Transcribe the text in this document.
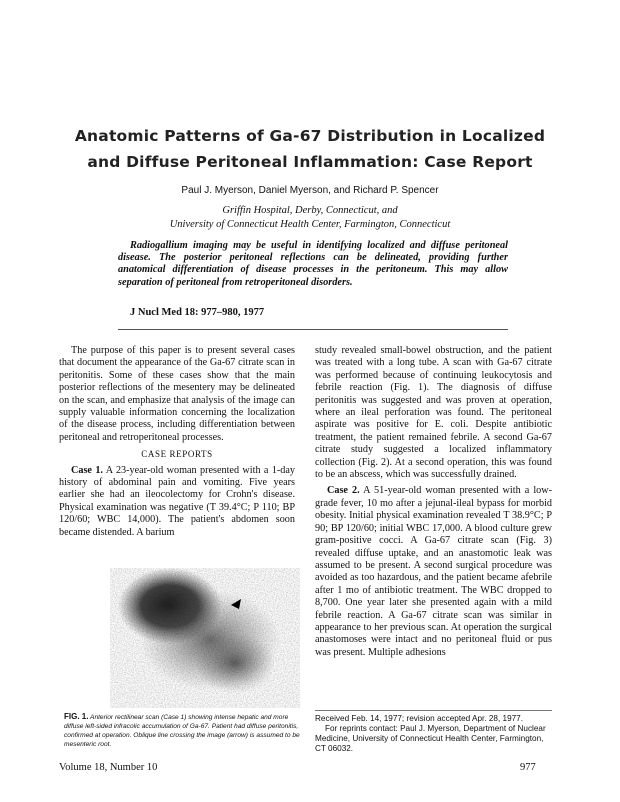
Anatomic Patterns of Ga-67 Distribution in Localized
and Diffuse Peritoneal Inflammation: Case Report
Paul J. Myerson, Daniel Myerson, and Richard P. Spencer
Griffin Hospital, Derby, Connecticut, and
University of Connecticut Health Center, Farmington, Connecticut
Radiogallium imaging may be useful in identifying localized and diffuse peritoneal disease. The posterior peritoneal reflections can be delineated, providing further anatomical differentiation of disease processes in the peritoneum. This may allow separation of peritoneal from retroperitoneal disorders.
J Nucl Med 18: 977–980, 1977

The purpose of this paper is to present several cases that document the appearance of the Ga-67 citrate scan in peritonitis. Some of these cases show that the main posterior reflections of the mesentery may be delineated on the scan, and emphasize that analysis of the image can supply valuable information concerning the localization of the disease process, including differentiation between peritoneal and retroperitoneal processes.

CASE REPORTS

Case 1. A 23-year-old woman presented with a 1-day history of abdominal pain and vomiting. Five years earlier she had an ileocolectomy for Crohn's disease. Physical examination was negative (T 39.4°C; P 110; BP 120/60; WBC 14,000). The patient's abdomen soon became distended. A barium

FIG. 1. Anterior rectilinear scan (Case 1) showing intense hepatic and more diffuse left-sided infracolic accumulation of Ga-67. Patient had diffuse peritonitis, confirmed at operation. Oblique line crossing the image (arrow) is assumed to be mesenteric root.

study revealed small-bowel obstruction, and the patient was treated with a long tube. A scan with Ga-67 citrate was performed because of continuing leukocytosis and febrile reaction (Fig. 1). The diagnosis of diffuse peritonitis was suggested and was proven at operation, where an ileal perforation was found. The peritoneal aspirate was positive for E. coli. Despite antibiotic treatment, the patient remained febrile. A second Ga-67 citrate study suggested a localized inflammatory collection (Fig. 2). At a second operation, this was found to be an abscess, which was successfully drained.

Case 2. A 51-year-old woman presented with a low-grade fever, 10 mo after a jejunal-ileal bypass for morbid obesity. Initial physical examination revealed T 38.9°C; P 90; BP 120/60; initial WBC 17,000. A blood culture grew gram-positive cocci. A Ga-67 citrate scan (Fig. 3) revealed diffuse uptake, and an anastomotic leak was assumed to be present. A second surgical procedure was avoided as too hazardous, and the patient became afebrile after 1 mo of antibiotic treatment. The WBC dropped to 8,700. One year later she presented again with a mild febrile reaction. A Ga-67 citrate scan was similar in appearance to her previous scan. At operation the surgical anastomoses were intact and no peritoneal fluid or pus was present. Multiple adhesions

Received Feb. 14, 1977; revision accepted Apr. 28, 1977.

For reprints contact: Paul J. Myerson, Department of Nuclear Medicine, University of Connecticut Health Center, Farmington, CT 06032.

Volume 18, Number 10	977
